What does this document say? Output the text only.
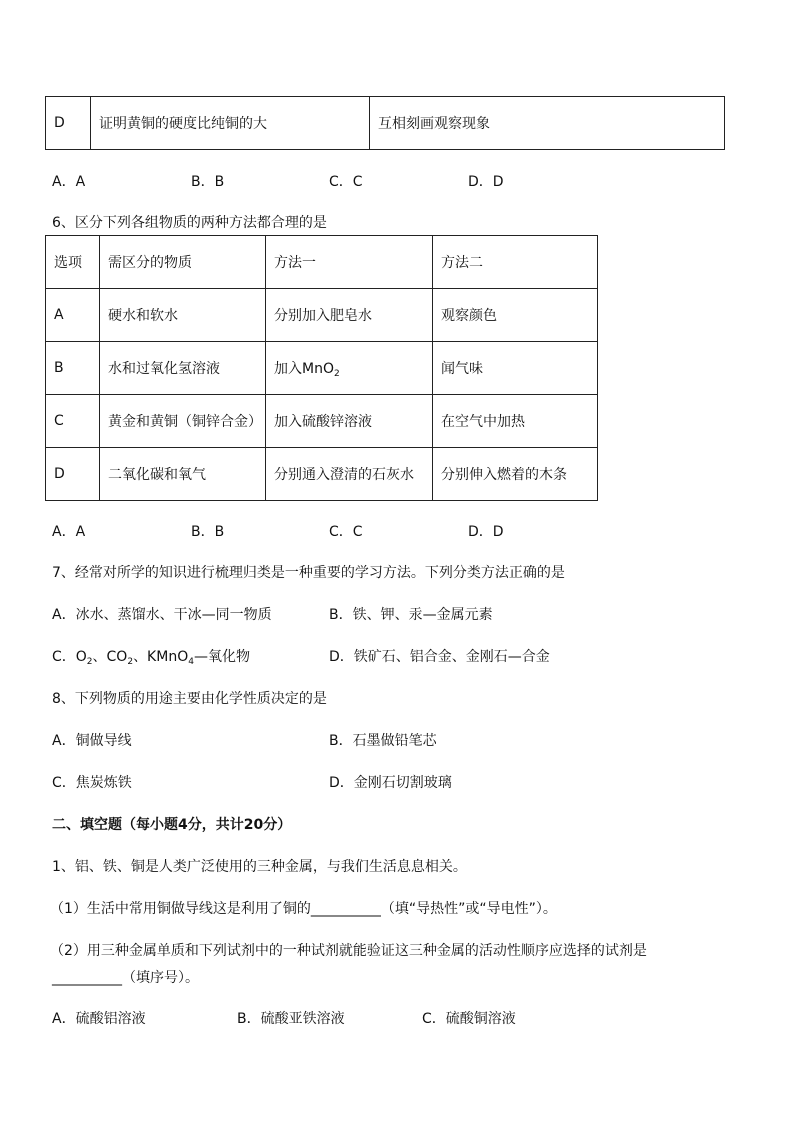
D	证明黄铜的硬度比纯铜的大	互相刻画观察现象
A．A	B．B	C．C	D．D
6、区分下列各组物质的两种方法都合理的是
选项	需区分的物质	方法一	方法二
A	硬水和软水	分别加入肥皂水	观察颜色
B	水和过氧化氢溶液	加入MnO$_2$	闻气味
C	黄金和黄铜（铜锌合金）	加入硫酸锌溶液	在空气中加热
D	二氧化碳和氧气	分别通入澄清的石灰水	分别伸入燃着的木条
A．A	B．B	C．C	D．D
7、经常对所学的知识进行梳理归类是一种重要的学习方法。下列分类方法正确的是
A．冰水、蒸馏水、干冰—同一物质	B．铁、钾、汞—金属元素
C．$O_2$、$CO_2$、KMnO$_4$—氧化物	D．铁矿石、铝合金、金刚石—合金
8、下列物质的用途主要由化学性质决定的是
A．铜做导线	B．石墨做铅笔芯
C．焦炭炼铁	D．金刚石切割玻璃
二、填空题（每小题4分，共计20分）
1、铝、铁、铜是人类广泛使用的三种金属，与我们生活息息相关。
（1）生活中常用铜做导线这是利用了铜的__________（填“导热性”或“导电性”）。
（2）用三种金属单质和下列试剂中的一种试剂就能验证这三种金属的活动性顺序应选择的试剂是
__________（填序号）。
A．硫酸铝溶液	B．硫酸亚铁溶液	C．硫酸铜溶液
